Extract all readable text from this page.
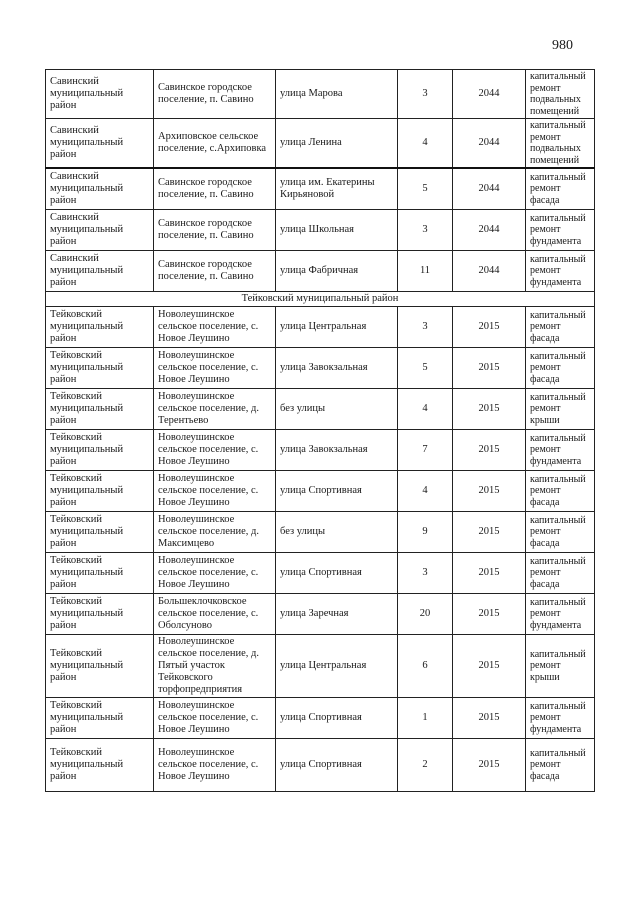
980
Савинский муниципальный район	Савинское городское поселение, п. Савино	улица Марова	3	2044	капитальный ремонт подвальных помещений
Савинский муниципальный район	Архиповское сельское поселение, с.Архиповка	улица Ленина	4	2044	капитальный ремонт подвальных помещений
Савинский муниципальный район	Савинское городское поселение, п. Савино	улица им. Екатерины Кирьяновой	5	2044	капитальный ремонт фасада
Савинский муниципальный район	Савинское городское поселение, п. Савино	улица Школьная	3	2044	капитальный ремонт фундамента
Савинский муниципальный район	Савинское городское поселение, п. Савино	улица Фабричная	11	2044	капитальный ремонт фундамента
Тейковский муниципальный район					
Тейковский муниципальный район	Новолеушинское сельское поселение, с. Новое Леушино	улица Центральная	3	2015	капитальный ремонт фасада
Тейковский муниципальный район	Новолеушинское сельское поселение, с. Новое Леушино	улица Завокзальная	5	2015	капитальный ремонт фасада
Тейковский муниципальный район	Новолеушинское сельское поселение, д. Терентьево	без улицы	4	2015	капитальный ремонт крыши
Тейковский муниципальный район	Новолеушинское сельское поселение, с. Новое Леушино	улица Завокзальная	7	2015	капитальный ремонт фундамента
Тейковский муниципальный район	Новолеушинское сельское поселение, с. Новое Леушино	улица Спортивная	4	2015	капитальный ремонт фасада
Тейковский муниципальный район	Новолеушинское сельское поселение, д. Максимцево	без улицы	9	2015	капитальный ремонт фасада
Тейковский муниципальный район	Новолеушинское сельское поселение, с. Новое Леушино	улица Спортивная	3	2015	капитальный ремонт фасада
Тейковский муниципальный район	Большеклочковское сельское поселение, с. Оболсуново	улица Заречная	20	2015	капитальный ремонт фундамента
Тейковский муниципальный район	Новолеушинское сельское поселение, д. Пятый участок Тейковского торфопредприятия	улица Центральная	6	2015	капитальный ремонт крыши
Тейковский муниципальный район	Новолеушинское сельское поселение, с. Новое Леушино	улица Спортивная	1	2015	капитальный ремонт фундамента
Тейковский муниципальный район	Новолеушинское сельское поселение, с. Новое Леушино	улица Спортивная	2	2015	капитальный ремонт фасада
